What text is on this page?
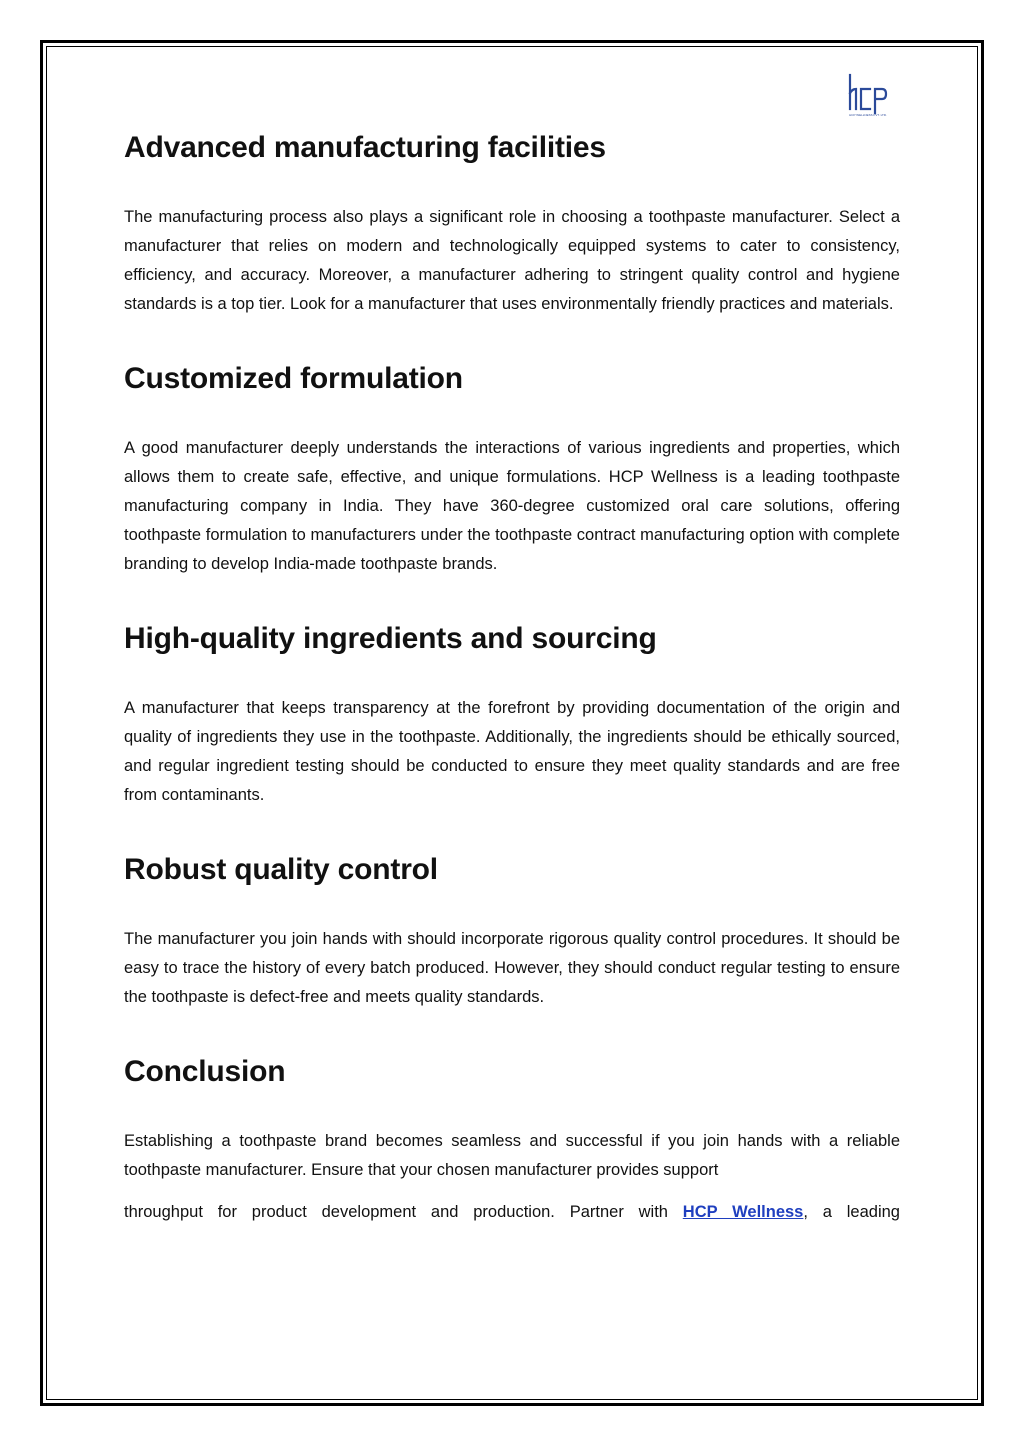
HCP WELLNESS PVT. LTD.
Advanced manufacturing facilities

The manufacturing process also plays a significant role in choosing a toothpaste manufacturer. Select a manufacturer that relies on modern and technologically equipped systems to cater to consistency, efficiency, and accuracy. Moreover, a manufacturer adhering to stringent quality control and hygiene standards is a top tier. Look for a manufacturer that uses environmentally friendly practices and materials.

Customized formulation

A good manufacturer deeply understands the interactions of various ingredients and properties, which allows them to create safe, effective, and unique formulations. HCP Wellness is a leading toothpaste manufacturing company in India. They have 360-degree customized oral care solutions, offering toothpaste formulation to manufacturers under the toothpaste contract manufacturing option with complete branding to develop India-made toothpaste brands.

High-quality ingredients and sourcing

A manufacturer that keeps transparency at the forefront by providing documentation of the origin and quality of ingredients they use in the toothpaste. Additionally, the ingredients should be ethically sourced, and regular ingredient testing should be conducted to ensure they meet quality standards and are free from contaminants.

Robust quality control

The manufacturer you join hands with should incorporate rigorous quality control procedures. It should be easy to trace the history of every batch produced. However, they should conduct regular testing to ensure the toothpaste is defect-free and meets quality standards.

Conclusion

Establishing a toothpaste brand becomes seamless and successful if you join hands with a reliable toothpaste manufacturer. Ensure that your chosen manufacturer provides support
throughput for product development and production. Partner with HCP Wellness, a leading
